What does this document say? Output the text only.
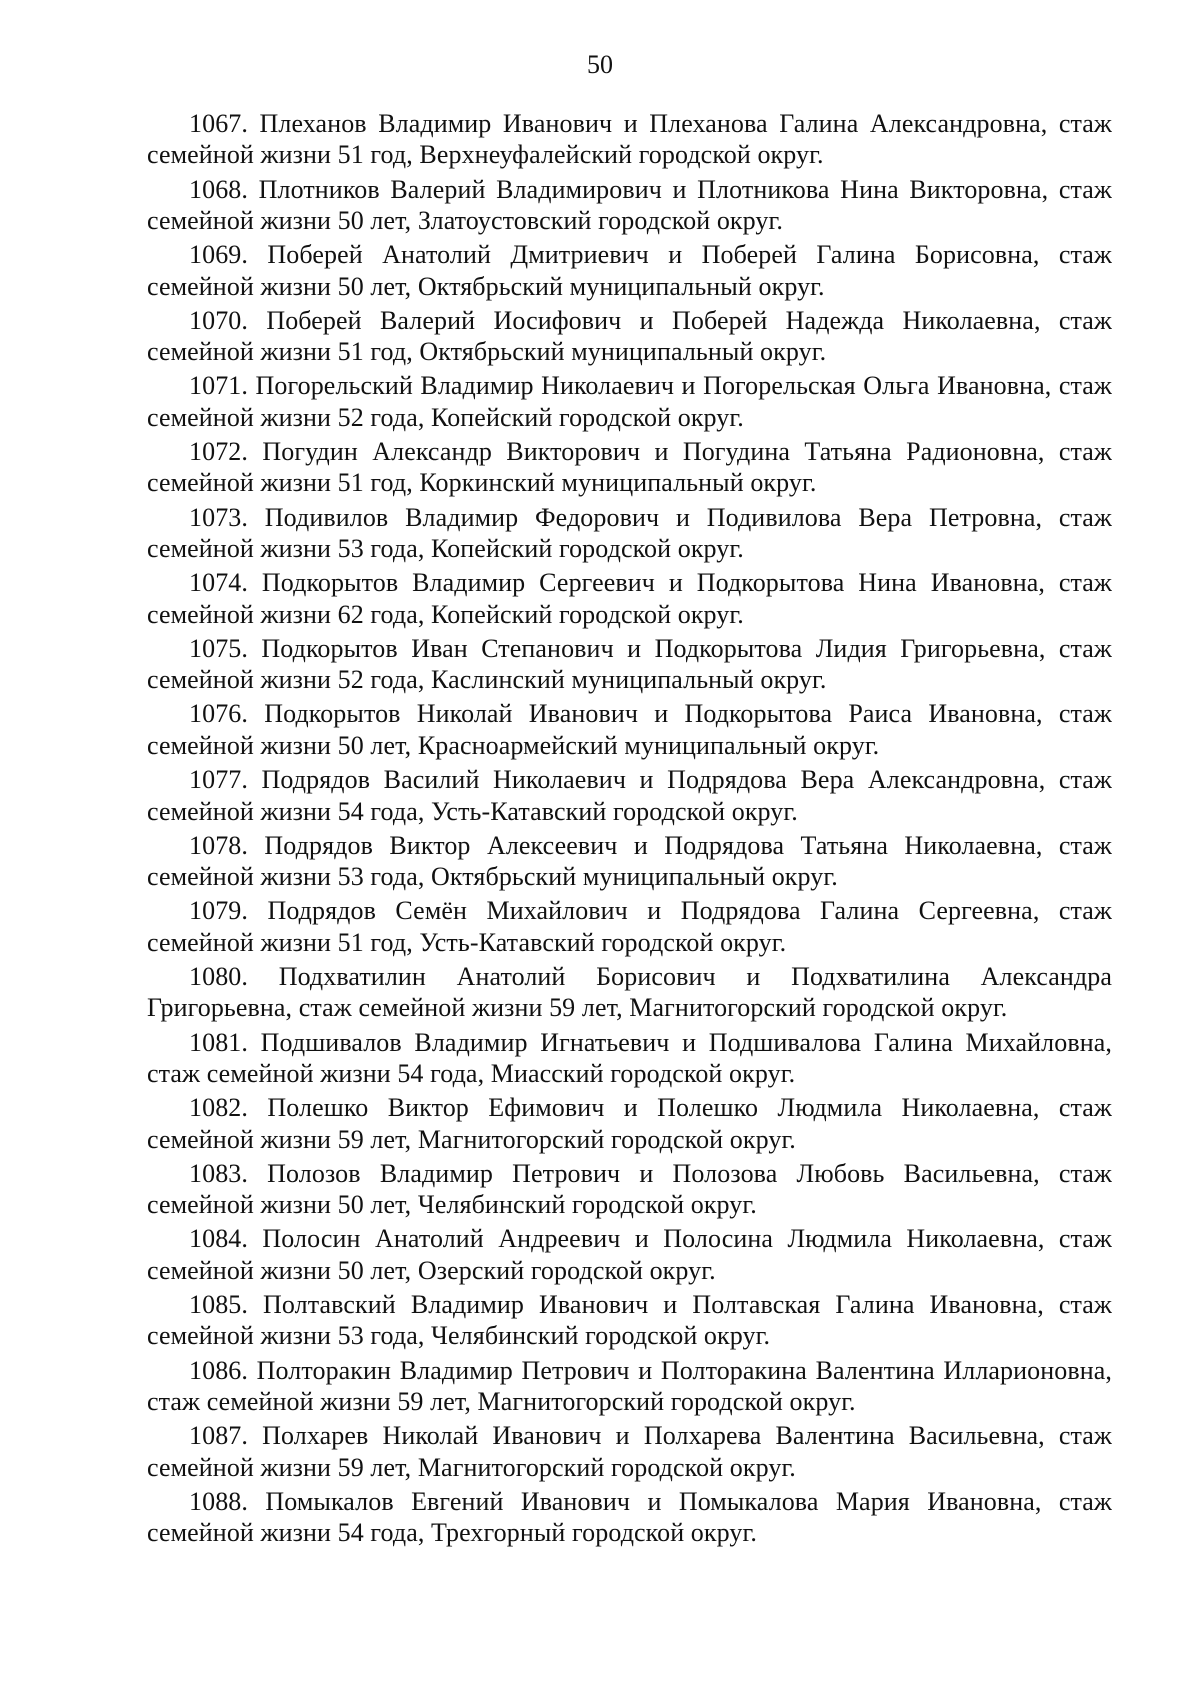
50

1067. Плеханов Владимир Иванович и Плеханова Галина Александровна, стаж семейной жизни 51 год, Верхнеуфалейский городской округ.

1068. Плотников Валерий Владимирович и Плотникова Нина Викторовна, стаж семейной жизни 50 лет, Златоустовский городской округ.

1069. Поберей Анатолий Дмитриевич и Поберей Галина Борисовна, стаж семейной жизни 50 лет, Октябрьский муниципальный округ.

1070. Поберей Валерий Иосифович и Поберей Надежда Николаевна, стаж семейной жизни 51 год, Октябрьский муниципальный округ.

1071. Погорельский Владимир Николаевич и Погорельская Ольга Ивановна, стаж семейной жизни 52 года, Копейский городской округ.

1072. Погудин Александр Викторович и Погудина Татьяна Радионовна, стаж семейной жизни 51 год, Коркинский муниципальный округ.

1073. Подивилов Владимир Федорович и Подивилова Вера Петровна, стаж семейной жизни 53 года, Копейский городской округ.

1074. Подкорытов Владимир Сергеевич и Подкорытова Нина Ивановна, стаж семейной жизни 62 года, Копейский городской округ.

1075. Подкорытов Иван Степанович и Подкорытова Лидия Григорьевна, стаж семейной жизни 52 года, Каслинский муниципальный округ.

1076. Подкорытов Николай Иванович и Подкорытова Раиса Ивановна, стаж семейной жизни 50 лет, Красноармейский муниципальный округ.

1077. Подрядов Василий Николаевич и Подрядова Вера Александровна, стаж семейной жизни 54 года, Усть-Катавский городской округ.

1078. Подрядов Виктор Алексеевич и Подрядова Татьяна Николаевна, стаж семейной жизни 53 года, Октябрьский муниципальный округ.

1079. Подрядов Семён Михайлович и Подрядова Галина Сергеевна, стаж семейной жизни 51 год, Усть-Катавский городской округ.

1080. Подхватилин Анатолий Борисович и Подхватилина Александра Григорьевна, стаж семейной жизни 59 лет, Магнитогорский городской округ.

1081. Подшивалов Владимир Игнатьевич и Подшивалова Галина Михайловна, стаж семейной жизни 54 года, Миасский городской округ.

1082. Полешко Виктор Ефимович и Полешко Людмила Николаевна, стаж семейной жизни 59 лет, Магнитогорский городской округ.

1083. Полозов Владимир Петрович и Полозова Любовь Васильевна, стаж семейной жизни 50 лет, Челябинский городской округ.

1084. Полосин Анатолий Андреевич и Полосина Людмила Николаевна, стаж семейной жизни 50 лет, Озерский городской округ.

1085. Полтавский Владимир Иванович и Полтавская Галина Ивановна, стаж семейной жизни 53 года, Челябинский городской округ.

1086. Полторакин Владимир Петрович и Полторакина Валентина Илларионовна, стаж семейной жизни 59 лет, Магнитогорский городской округ.

1087. Полхарев Николай Иванович и Полхарева Валентина Васильевна, стаж семейной жизни 59 лет, Магнитогорский городской округ.

1088. Помыкалов Евгений Иванович и Помыкалова Мария Ивановна, стаж семейной жизни 54 года, Трехгорный городской округ.
